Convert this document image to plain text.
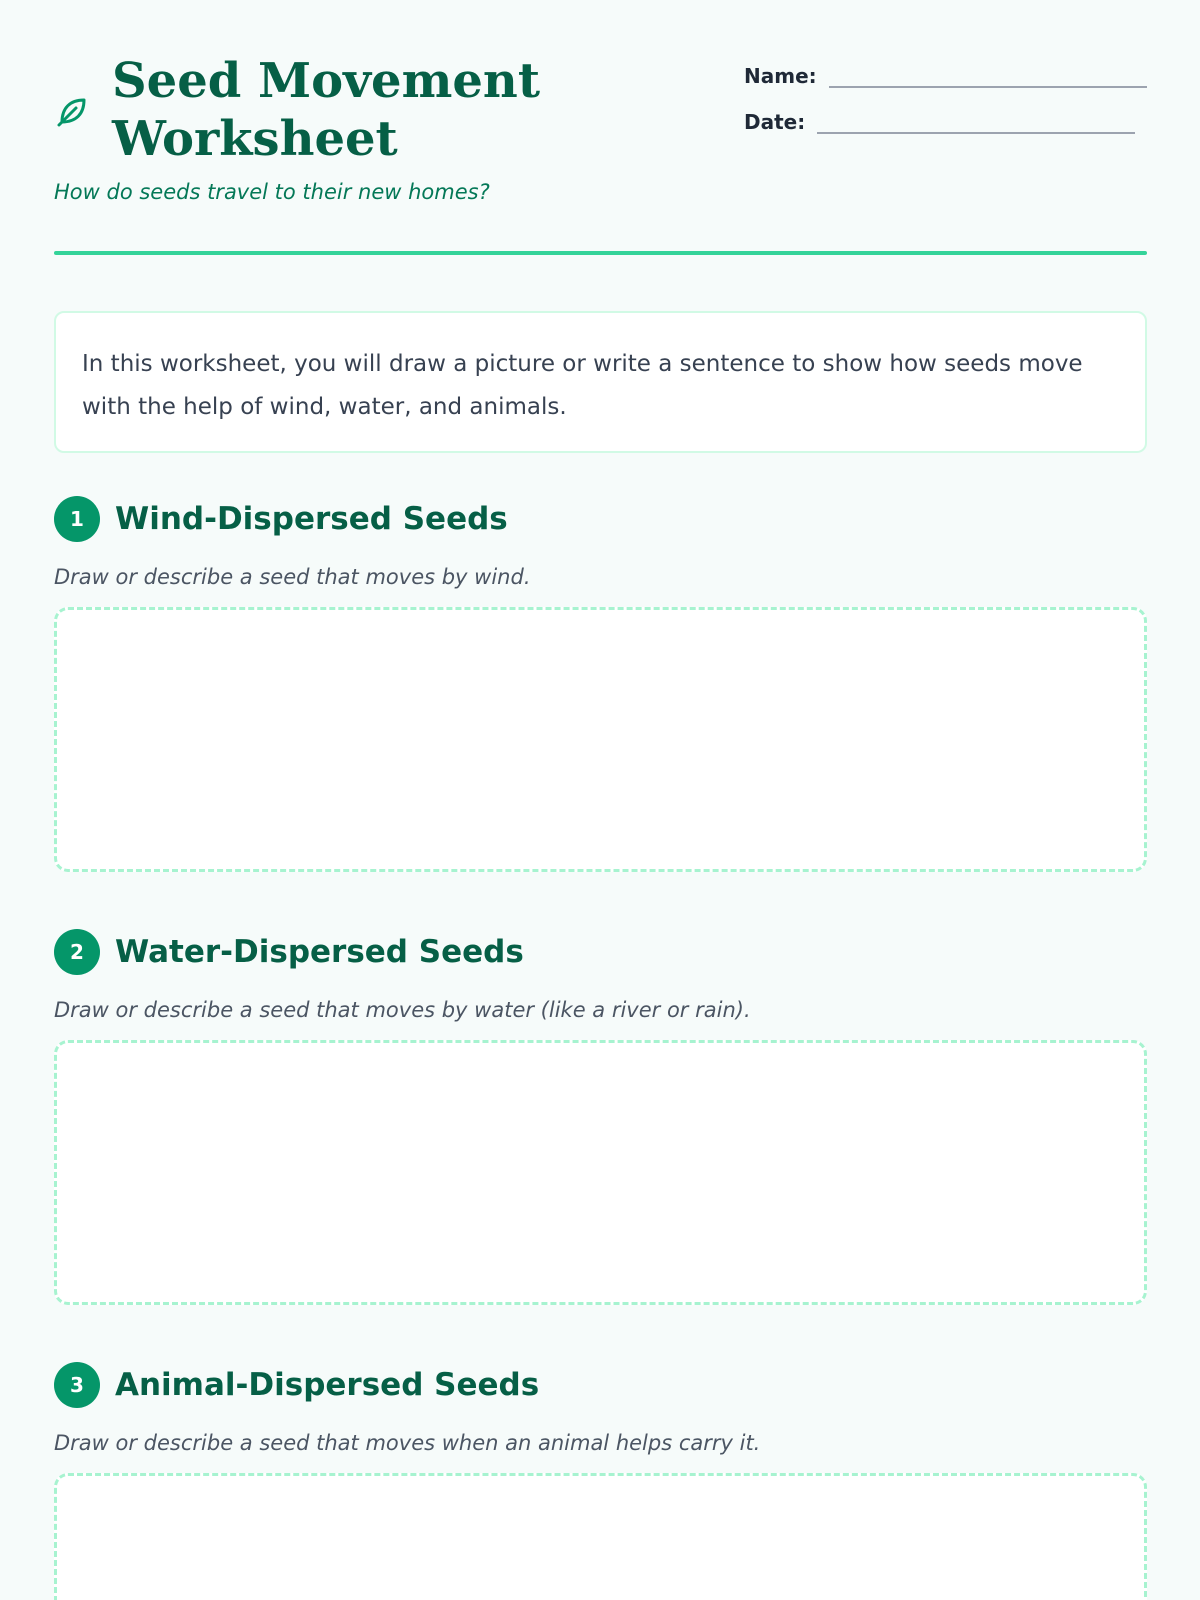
Seed Movement Worksheet
How do seeds travel to their new homes?
Name:
Date:

In this worksheet, you will draw a picture or write a sentence to show how seeds move with the help of wind, water, and animals.

1	Wind-Dispersed Seeds

Draw or describe a seed that moves by wind.

2	Water-Dispersed Seeds

Draw or describe a seed that moves by water (like a river or rain).

3	Animal-Dispersed Seeds

Draw or describe a seed that moves when an animal helps carry it.
